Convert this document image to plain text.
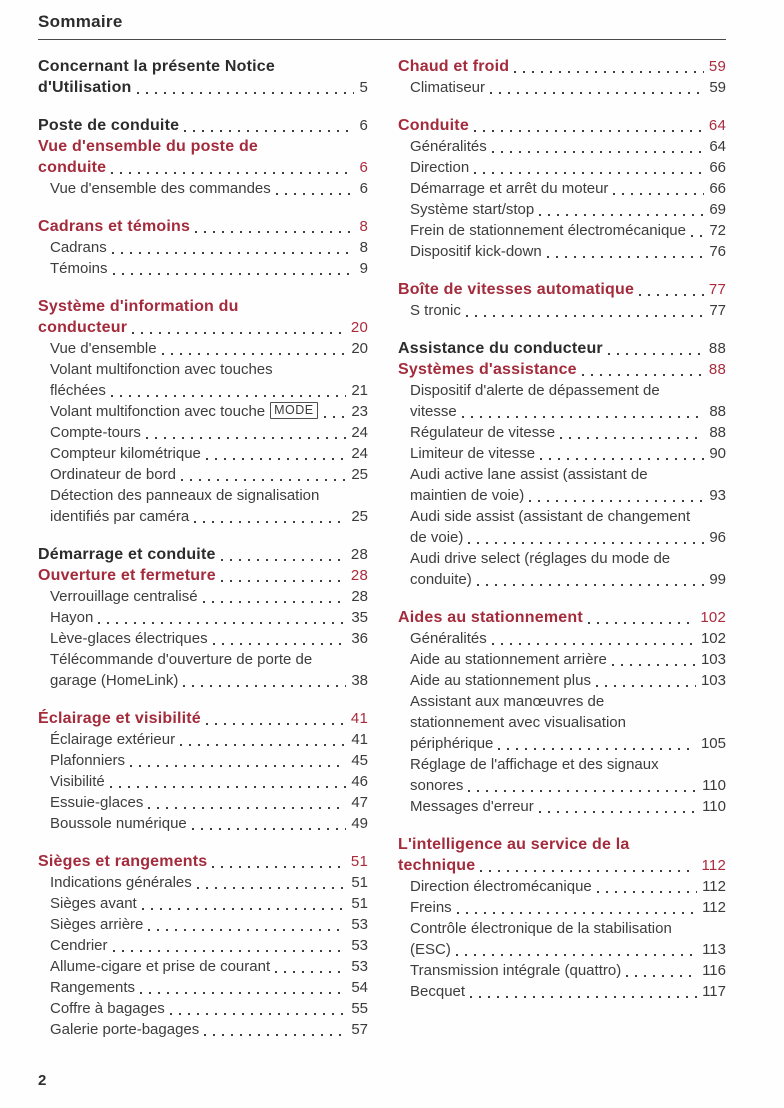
Sommaire
Concernant la présente Notice
d'Utilisation	5
Poste de conduite	6
Vue d'ensemble du poste de
conduite	6
Vue d'ensemble des commandes	6
Cadrans et témoins	8
Cadrans	8
Témoins	9
Système d'information du
conducteur	20
Vue d'ensemble	20
Volant multifonction avec touches
fléchées	21
Volant multifonction avec touche MODE	23
Compte-tours	24
Compteur kilométrique	24
Ordinateur de bord	25
Détection des panneaux de signalisation
identifiés par caméra	25
Démarrage et conduite	28
Ouverture et fermeture	28
Verrouillage centralisé	28
Hayon	35
Lève-glaces électriques	36
Télécommande d'ouverture de porte de
garage (HomeLink)	38
Éclairage et visibilité	41
Éclairage extérieur	41
Plafonniers	45
Visibilité	46
Essuie-glaces	47
Boussole numérique	49
Sièges et rangements	51
Indications générales	51
Sièges avant	51
Sièges arrière	53
Cendrier	53
Allume-cigare et prise de courant	53
Rangements	54
Coffre à bagages	55
Galerie porte-bagages	57
Chaud et froid	59
Climatiseur	59
Conduite	64
Généralités	64
Direction	66
Démarrage et arrêt du moteur	66
Système start/stop	69
Frein de stationnement électromécanique 72
Dispositif kick-down	76
Boîte de vitesses automatique	77
S tronic	77
Assistance du conducteur	88
Systèmes d'assistance	88
Dispositif d'alerte de dépassement de
vitesse	88
Régulateur de vitesse	88
Limiteur de vitesse	90
Audi active lane assist (assistant de
maintien de voie)	93
Audi side assist (assistant de changement
de voie)	96
Audi drive select (réglages du mode de
conduite)	99
Aides au stationnement	102
Généralités	102
Aide au stationnement arrière	103
Aide au stationnement plus	103
Assistant aux manœuvres de
stationnement avec visualisation
périphérique	105
Réglage de l'affichage et des signaux
sonores	110
Messages d'erreur	110
L'intelligence au service de la
technique	112
Direction électromécanique	112
Freins	112
Contrôle électronique de la stabilisation
(ESC)	113
Transmission intégrale (quattro)	116
Becquet	117
2
